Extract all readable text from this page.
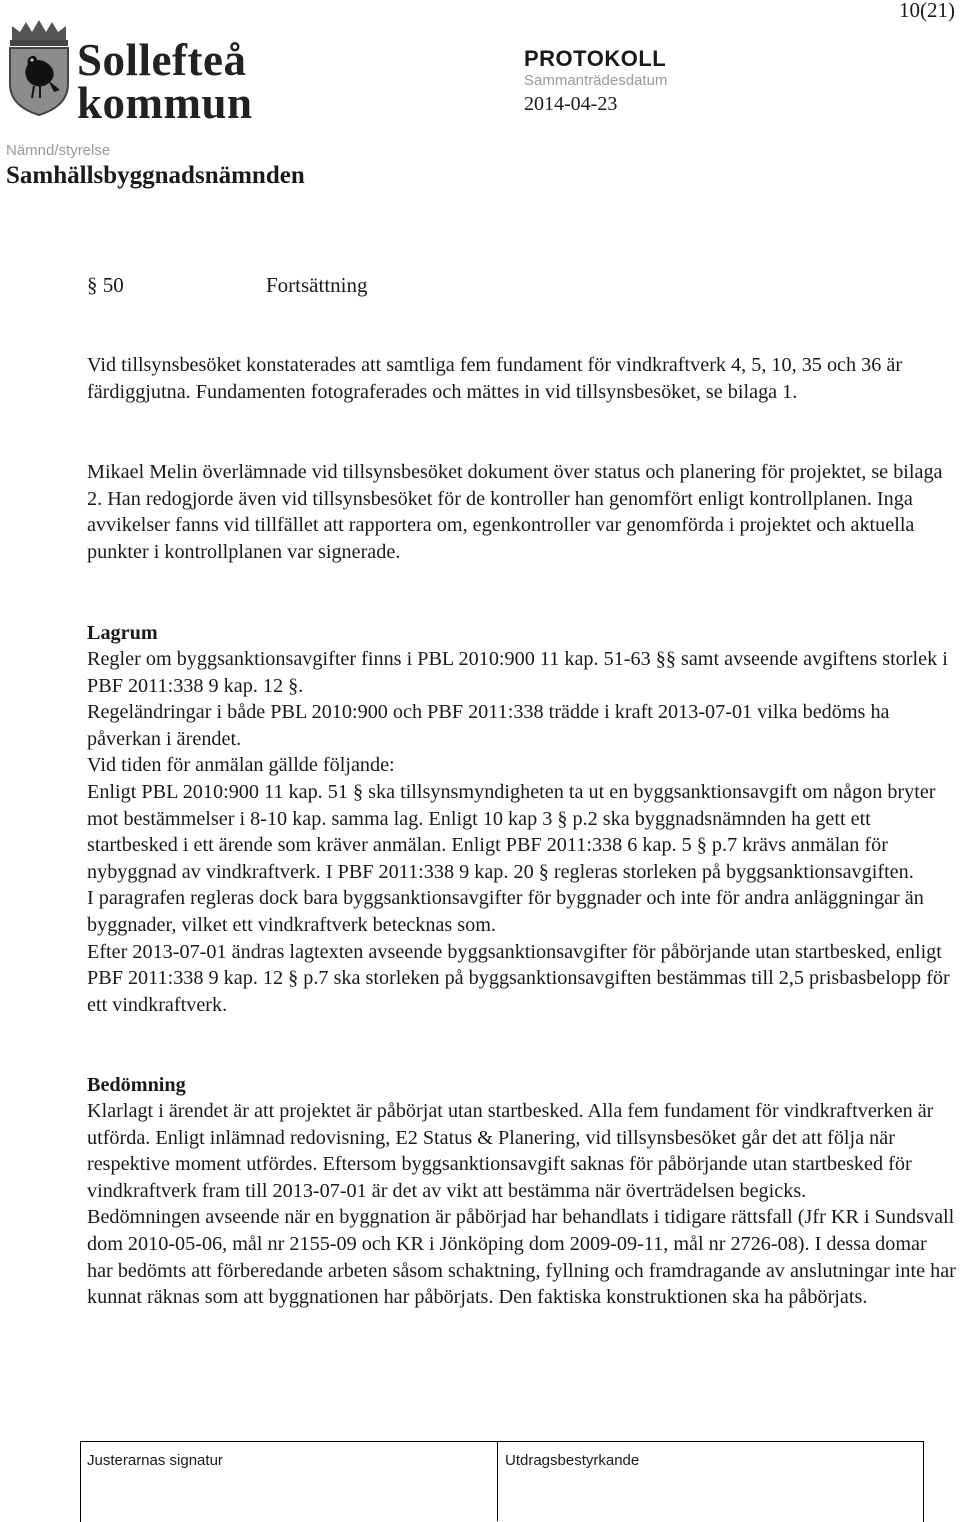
Sollefteå
kommun
10(21)
PROTOKOLL
Sammanträdesdatum
2014-04-23
Nämnd/styrelse
Samhällsbyggnadsnämnden
§ 50	Fortsättning
Vid tillsynsbesöket konstaterades att samtliga fem fundament för vindkraftverk 4, 5, 10, 35 och 36 är färdiggjutna. Fundamenten fotograferades och mättes in vid tillsynsbesöket, se bilaga 1.
Mikael Melin överlämnade vid tillsynsbesöket dokument över status och planering för projektet, se bilaga 2. Han redogjorde även vid tillsynsbesöket för de kontroller han genomfört enligt kontrollplanen. Inga avvikelser fanns vid tillfället att rapportera om, egenkontroller var genomförda i projektet och aktuella punkter i kontrollplanen var signerade.
Lagrum
Regler om byggsanktionsavgifter finns i PBL 2010:900 11 kap. 51-63 §§ samt avseende avgiftens storlek i PBF 2011:338 9 kap. 12 §.
Regeländringar i både PBL 2010:900 och PBF 2011:338 trädde i kraft 2013-07-01 vilka bedöms ha påverkan i ärendet.
Vid tiden för anmälan gällde följande:
Enligt PBL 2010:900 11 kap. 51 § ska tillsynsmyndigheten ta ut en byggsanktionsavgift om någon bryter mot bestämmelser i 8-10 kap. samma lag. Enligt 10 kap 3 § p.2 ska byggnadsnämnden ha gett ett startbesked i ett ärende som kräver anmälan. Enligt PBF 2011:338 6 kap. 5 § p.7 krävs anmälan för nybyggnad av vindkraftverk. I PBF 2011:338 9 kap. 20 § regleras storleken på byggsanktionsavgiften.
I paragrafen regleras dock bara byggsanktionsavgifter för byggnader och inte för andra anläggningar än byggnader, vilket ett vindkraftverk betecknas som.
Efter 2013-07-01 ändras lagtexten avseende byggsanktionsavgifter för påbörjande utan startbesked, enligt PBF 2011:338 9 kap. 12 § p.7 ska storleken på byggsanktionsavgiften bestämmas till 2,5 prisbasbelopp för ett vindkraftverk.
Bedömning
Klarlagt i ärendet är att projektet är påbörjat utan startbesked. Alla fem fundament för vindkraftverken är utförda. Enligt inlämnad redovisning, E2 Status & Planering, vid tillsynsbesöket går det att följa när respektive moment utfördes. Eftersom byggsanktionsavgift saknas för påbörjande utan startbesked för vindkraftverk fram till 2013-07-01 är det av vikt att bestämma när överträdelsen begicks.
Bedömningen avseende när en byggnation är påbörjad har behandlats i tidigare rättsfall (Jfr KR i Sundsvall dom 2010-05-06, mål nr 2155-09 och KR i Jönköping dom 2009-09-11, mål nr 2726-08). I dessa domar har bedömts att förberedande arbeten såsom schaktning, fyllning och framdragande av anslutningar inte har kunnat räknas som att byggnationen har påbörjats. Den faktiska konstruktionen ska ha påbörjats.
Justerarnas signatur	Utdragsbestyrkande
